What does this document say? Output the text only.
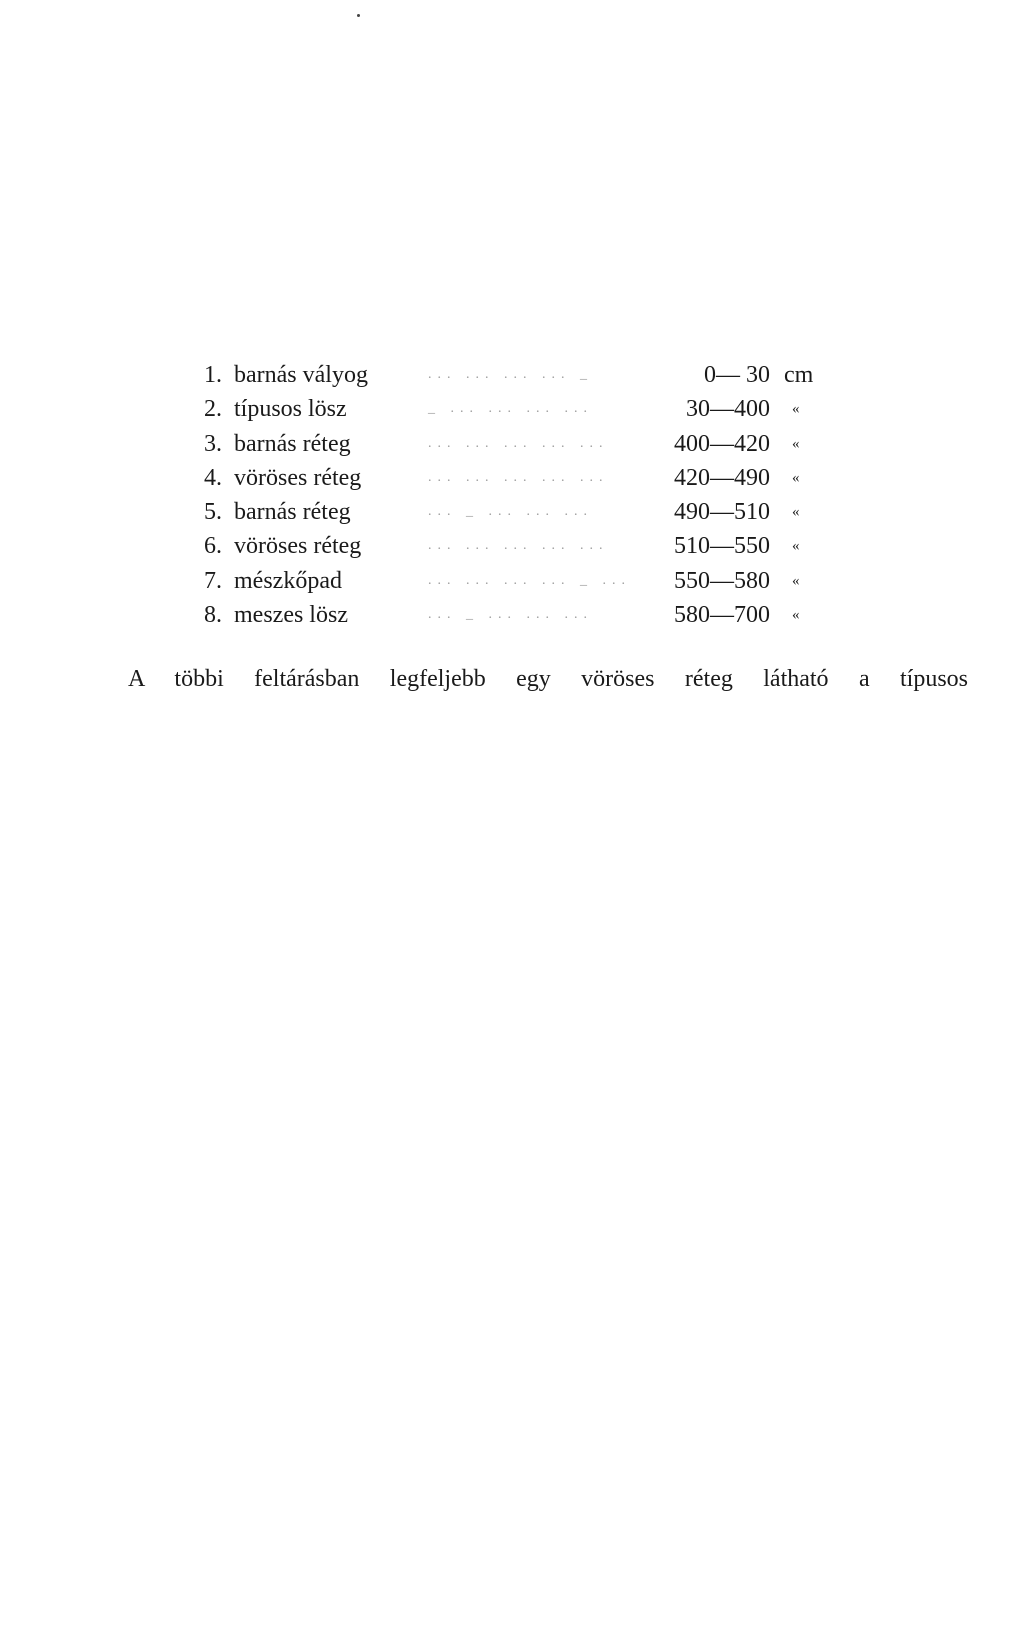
1. barnás vályog	... ... ... ... _	0— 30 cm
2. típusos lösz	_ ... ... ... ...	30—400	«
3. barnás réteg	... ... ... ... ...	400—420	«
4. vöröses réteg	... ... ... ... ...	420—490	«
5. barnás réteg	... _ ... ... ...	490—510	«
6. vöröses réteg	... ... ... ... ...	510—550	«
7. mészkőpad	... ... ... ... _ ...	550—580	«
8. meszes lösz	... _ ... ... ...	580—700	«
A többi feltárásban legfeljebb egy vöröses réteg látható a típusos
